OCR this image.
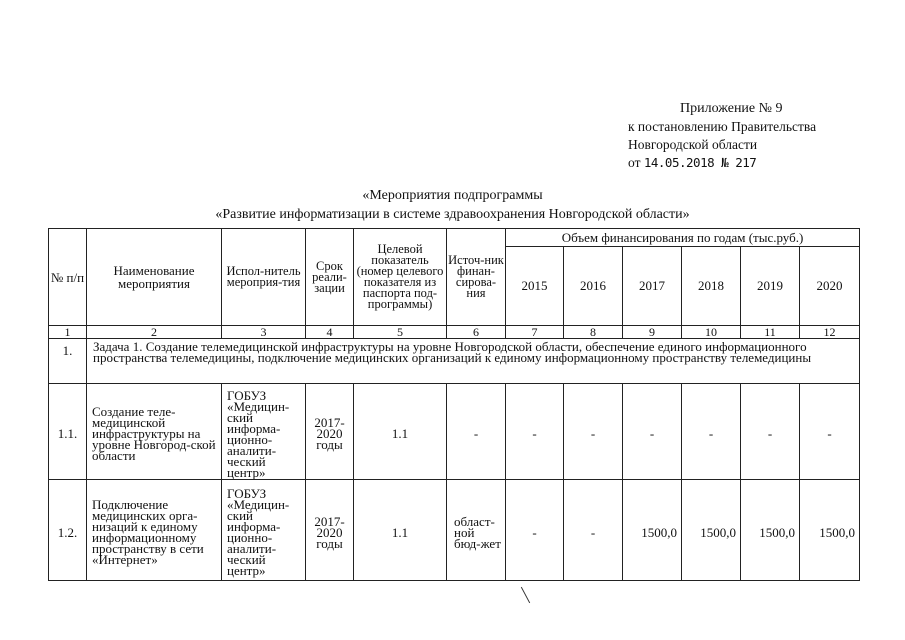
Приложение № 9
к постановлению Правительства
Новгородской области
от 14.05.2018 № 217
«Мероприятия подпрограммы
«Развитие информатизации в системе здравоохранения Новгородской области»
№ п/п	Наименование мероприятия	Испол-нитель мероприя-тия	Срок реали-зации	Целевой показатель (номер целевого показателя из паспорта под-программы)	Источ-ник финан-сирова-ния	Объем финансирования по годам (тыс.руб.)					
						2015	2016	2017	2018	2019	2020
1	2	3	4	5	6	7	8	9	10	11	12
1.	Задача 1. Создание телемедицинской инфраструктуры на уровне Новгородской области, обеспечение единого информационного пространства телемедицины, подключение медицинских организаций к единому информационному пространству телемедицины										
1.1.	Создание теле-медицинской инфраструктуры на уровне Новгород-ской области	ГОБУЗ «Медицин-ский информа-ционно-аналити-ческий центр»	2017-2020 годы	1.1	-	-	-	-	-	-	-
1.2.	Подключение медицинских орга-низаций к единому информационному пространству в сети «Интернет»	ГОБУЗ «Медицин-ский информа-ционно-аналити-ческий центр»	2017-2020 годы	1.1	област-ной бюд-жет	-	-	1500,0	1500,0	1500,0	1500,0
